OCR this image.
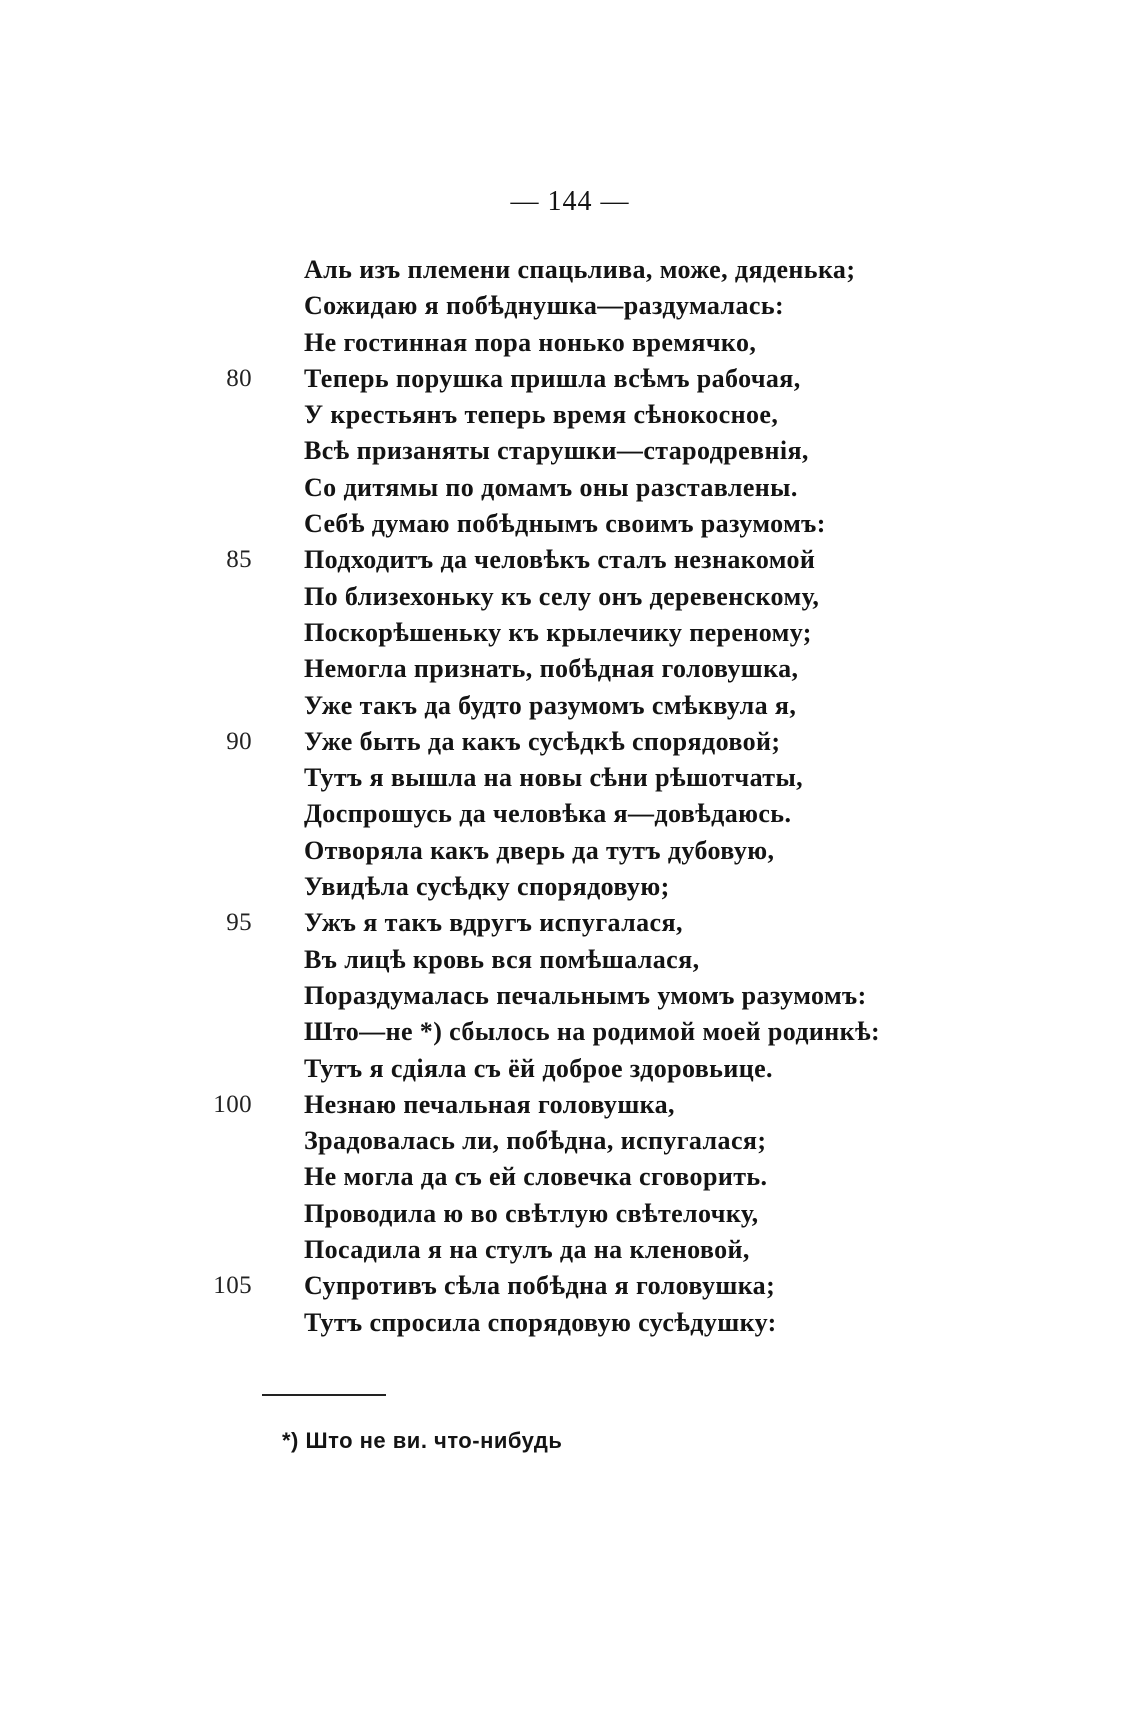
— 144 —
Аль изъ племени спацьлива, може, дяденька;
Сожидаю я побѣднушка—раздумалась:
Не гостинная пора нонько времячко,
80 Теперь порушка пришла всѣмъ рабочая,
У крестьянъ теперь время сѣнокосное,
Всѣ призаняты старушки—стародревнія,
Со дитямы по домамъ оны разставлены.
Себѣ думаю побѣднымъ своимъ разумомъ:
85 Подходитъ да человѣкъ сталъ незнакомой
По близехоньку къ селу онъ деревенскому,
Поскорѣшеньку къ крылечику переному;
Немогла признать, побѣдная головушка,
Уже такъ да будто разумомъ смѣквула я,
90 Уже быть да какъ сусѣдкѣ спорядовой;
Тутъ я вышла на новы сѣни рѣшотчаты,
Доспрошусь да человѣка я—довѣдаюсь.
Отворяла какъ дверь да тутъ дубовую,
Увидѣла сусѣдку спорядовую;
95 Ужъ я такъ вдругъ испугалася,
Въ лицѣ кровь вся помѣшалася,
Пораздумалась печальнымъ умомъ разумомъ:
Што—не *) сбылось на родимой моей родинкѣ:
Тутъ я сдіяла съ ёй доброе здоровьице.
100 Незнаю печальная головушка,
Зрадовалась ли, побѣдна, испугалася;
Не могла да съ ей словечка сговорить.
Проводила ю во свѣтлую свѣтелочку,
Посадила я на стулъ да на кленовой,
105 Супротивъ сѣла побѣдна я головушка;
Тутъ спросила спорядовую сусѣдушку:
*) Што не ви. что-нибудь
